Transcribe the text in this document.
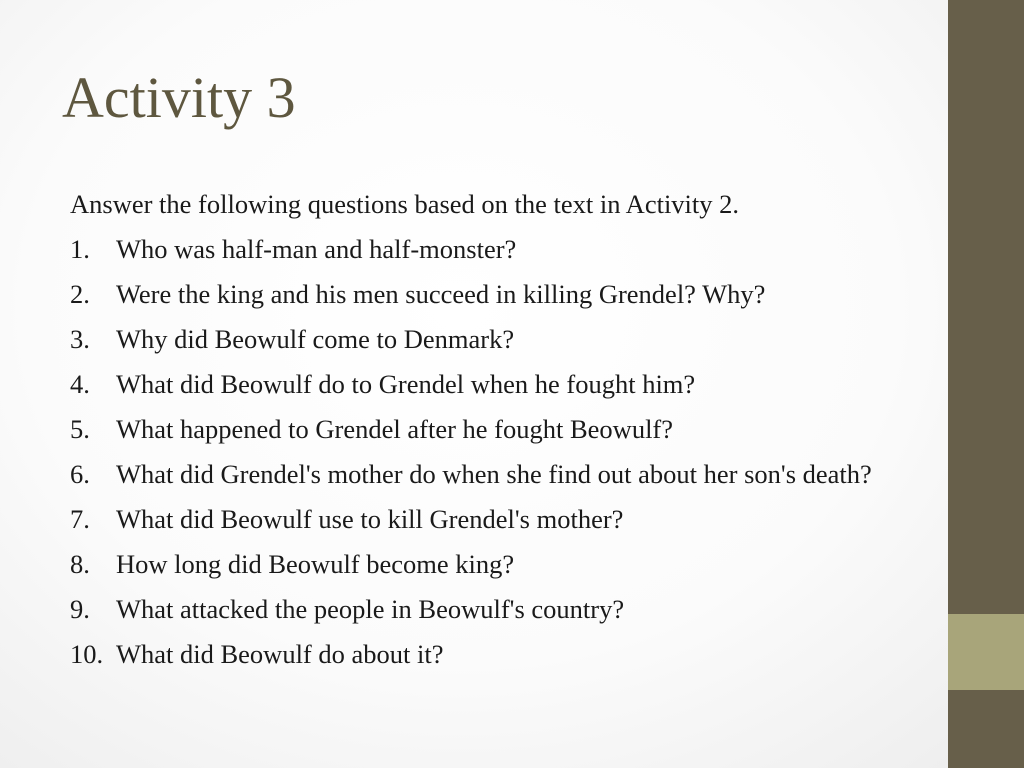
Activity 3

Answer the following questions based on the text in Activity 2.

1. Who was half-man and half-monster?
2. Were the king and his men succeed in killing Grendel? Why?
3. Why did Beowulf come to Denmark?
4. What did Beowulf do to Grendel when he fought him?
5. What happened to Grendel after he fought Beowulf?
6. What did Grendel's mother do when she find out about her son's death?
7. What did Beowulf use to kill Grendel's mother?
8. How long did Beowulf become king?
9. What attacked the people in Beowulf's country?
10. What did Beowulf do about it?
